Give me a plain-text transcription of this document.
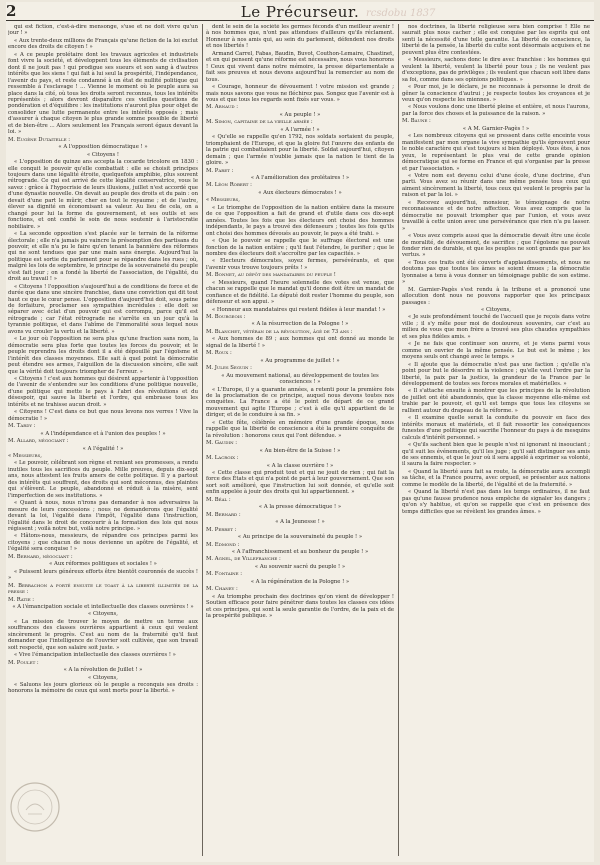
2	Le Précurseur. rcsdobu 1837
qui est fiction, c'est-à-dire mensonge, s'use et ne doit vivre qu'un jour ! »
« Aux trente-deux millions de Français qu'une fiction de la loi exclut encore des droits de citoyen ! »
« A ce peuple prolétaire dont les travaux agricoles et industriels font vivre la société, et développent tous les éléments de civilisation dont il ne jouit pas ! qui prodigue ses sueurs et son sang à d'autres intérêts que les siens ! qui fait à lui seul la prospérité, l'indépendance, l'avenir du pays, et reste condamné à un état de nullité politique qui ressemble à l'esclavage ! ... Vienne le moment où le peuple aura sa place dans la cité, où tous les droits seront reconnus, tous les intérêts représentés ; alors devront disparaître ces vieilles questions de pondération et d'équilibre : les institutions n'auront plus pour objet de consolider une lutte permanente entre les intérêts opposés ; mais d'assurer à chaque citoyen le plus grande somme possible de liberté et de bien-être ... Alors seulement les Français seront égaux devant la loi. »
M. Eugène Dutaitelle :
« A l'opposition démocratique ! »
« Citoyens !
« L'opposition de quinze ans accepta la cocarde tricolore en 1830 : elle conquit le pouvoir qu'elle combattait : elle se choisit principes toujours dans une légalité étroite, quelquefois amphibie, plus souvent rétrograde. Ce qui est arrivé de cette légalité conservatrice, vous le savez : grâce à l'hypocrisie de leurs illusions, juillet n'est accordé que d'une dynastie nouvelle. On devait au peuple des droits et du pain : on devait d'une part le mûrir, cher en tout le royaume ; et de l'autre, élever sa dignité en économisant sa valeur. Au lieu de cela, on a changé pour lui la forme du gouvernement, et ses outils et ses fonctions, et ont confié le soin de nous soutenir à l'aristocratie nobiliaire. »
« La seconde opposition s'est placée sur le terrain de la réforme électorale ; elle n'a jamais pu vaincre la présomption des partisans du pouvoir, et elle n'a pu le faire qu'en tenant la bannière des réformes qui ne sont tendues que par une main sans énergie. Aujourd'hui la politique est sortie du parlement pour se répandre dans les rues ; où, malgré les lois de septembre, le principe de la souveraineté du peuple s'est fait jour ; on a fondé la liberté de l'association, de l'égalité, du droit au travail ! »
« Citoyens ! l'opposition s'aujourd'hui a de conditions de force et de durée que dans une sincère franchise, dans une conviction qui dit tout haut ce que le cœur pense. L'opposition d'aujourd'hui doit, sous peine de forfaiture, proclamer ses sympathies incrédules : elle doit se séparer avec éclat d'un pouvoir qui est corrompu, parce qu'il est rétrograde ; car l'état rétrograde ne s'arrête en un jour qu'à la tyrannie politique, et dans l'abîme de l'immoralité sous lequel nous avons vu crouler la vertu et la liberté. »
« Le jour où l'opposition ne sera plus qu'une fraction sans nom, la démocratie sera plus forte que toutes les forces du pouvoir, et le peuple reprendra les droits dont il a été dépouillé par l'égoïsme et l'intérêt des classes moyennes. Elle sait à quel point la démocratie peut étendre ses armes, l'aiguillon de la discussion sincère, elle sait que la vérité doit toujours triompher de l'erreur. »
« Citoyens ! c'est aux hommes qui désirent appartenir à l'opposition de l'avenir de s'entendre sur les conditions d'une politique nouvelle, d'une politique qui mette le pays à l'abri des révolutions et du désespoir, qui sauve la liberté et l'ordre, qui embrasse tous les intérêts et ne trahisse aucun droit. »
« Citoyens ! C'est dans ce but que nous levons nos verres ! Vive la démocratie ! »
M. Tardy :
« A l'indépendance et à l'union des peuples ! »
M. Allard, négociant :
« A l'égalité ! »
« Messieurs,
« Le pouvoir, célébrant son règne et reniant ses promesses, a rendu inutiles tous les sacrifices du peuple. Mille preuves, depuis dix-sept ans, nous attestent les fruits amers de cette politique. Il y a partout des intérêts qui souffrent, des droits qui sont méconnus, des plaintes qui s'élèvent. Le peuple, abandonné et réduit à la misère, sent l'imperfection de ses institutions. »
« Quant à nous, nous n'irons pas demander à nos adversaires la mesure de leurs concessions ; nous ne demanderons que l'égalité devant la loi, l'égalité dans l'impôt, l'égalité dans l'instruction, l'égalité dans le droit de concourir à la formation des lois qui nous régissent ; voilà notre but, voilà notre principe. »
« Hâtons-nous, messieurs, de répandre ces principes parmi les citoyens ; que chacun de nous devienne un apôtre de l'égalité, et l'égalité sera conquise ! »
M. Bernard, négociant :
« Aux réformes politiques et sociales ! »
« Puissent leurs généreux efforts être bientôt couronnés de succès ! »
M. Berrachon a porté ensuite le toast à la liberté illimitée de la presse :
M. Ratie :
« A l'émancipation sociale et intellectuelle des classes ouvrières ! »
« Citoyens,
« La mission de trouver le moyen de mettre un terme aux souffrances des classes ouvrières appartient à ceux qui veulent sincèrement le progrès. C'est au nom de la fraternité qu'il faut demander que l'intelligence de l'ouvrier soit cultivée, que son travail soit respecté, que son salaire soit juste. »
« Vive l'émancipation intellectuelle des classes ouvrières ! »
M. Poulet :
« A la révolution de Juillet ! »
« Citoyens,
« Saluons les jours glorieux où le peuple a reconquis ses droits : honorons la mémoire de ceux qui sont morts pour la liberté. »
dent le sein de la société les germes féconds d'un meilleur avenir ! à nos hommes que, n'ont pas attendues d'ailleurs qu'ils réclament. Honneur à nos amis qui, au sein du parlement, défendent nos droits et nos libertés !
Armand Carrel, Fabas, Baudin, Buvot, Couthon-Lemaire, Chastinet, et en qui pensent qu'une réforme est nécessaire, nous vous honorons ! Ceux qui vivent dans notre mémoire, la presse départementale a fait ses preuves et nous devons aujourd'hui la remercier au nom de tous.
« Courage, honneur de dévouement ! votre mission est grande ; mais nous savons que vous ne fléchirez pas. Songez que l'avenir est à vous et que tous les regards sont fixés sur vous. »
M. Arnaud :
« Au peuple ! »
M. Simon, capitaine de la vieille armée :
« A l'armée ! »
« Qu'elle se rappelle qu'en 1792, nos soldats sortaient du peuple, triomphaient de l'Europe, et que la gloire fut l'œuvre des enfants de la patrie qui combattaient pour la liberté. Soldat aujourd'hui, citoyen demain ; que l'armée n'oublie jamais que la nation le tient de la gloire. »
M. Paret :
« A l'amélioration des prolétaires ! »
M. Léon Robert :
« Aux électeurs démocrates ! »
« Messieurs,
« Le triomphe de l'opposition de la nation entière dans la mesure de ce que l'opposition a fait de grand et d'utile dans ces dix-sept années. Toutes les fois que les électeurs ont choisi des hommes indépendants, le pays a trouvé des défenseurs ; toutes les fois qu'ils ont choisi des hommes dévoués au pouvoir, le pays a été trahi. »
« Que le pouvoir se rappelle que le suffrage électoral est une fonction de la nation entière ; qu'il faut l'étendre, le purifier ; que le nombre des électeurs doit s'accroître par les capacités. »
« Electeurs démocrates, soyez fermes, persévérants, et que l'avenir vous trouve toujours prêts ! »
M. Bonnet, au dépôt des mandataires du peuple !
« Messieurs, quand l'heure solennelle des votes est venue, que chacun se rappelle que le mandat qu'il donne doit être un mandat de confiance et de fidélité. Le député doit rester l'homme du peuple, son défenseur et son appui. »
« Honneur aux mandataires qui restent fidèles à leur mandat ! »
M. Bourgeois :
« A la résurrection de la Pologne ! »
M. Blanchet, vétéran de la révolution, âgé de 73 ans :
« Aux hommes de 89 ; aux hommes qui ont donné au monde le signal de la liberté ! »
M. Roux :
« Au programme de juillet ! »
M. Jules Seguin :
« Au mouvement national, au développement de toutes les consciences ! »
« L'Europe, il y a quarante années, a retenti pour la première fois de la proclamation de ce principe, auquel nous devons toutes nos conquêtes. La France a été le point de départ de ce grand mouvement qui agite l'Europe ; c'est à elle qu'il appartient de le diriger, et de le conduire à sa fin. »
« Cette fête, célébrée en mémoire d'une grande époque, nous rappelle que la liberté de conscience a été la première conquête de la révolution : honorons ceux qui l'ont défendue. »
M. Gaudin :
« Au bien-être de la Suisse ! »
M. Lacroix :
« A la classe ouvrière ! »
« Cette classe qui produit tout et qui ne jouit de rien ; qui fait la force des États et qui n'a point de part à leur gouvernement. Que son sort soit amélioré, que l'instruction lui soit donnée, et qu'elle soit enfin appelée à jouir des droits qui lui appartiennent. »
M. Béal :
« A la presse démocratique ! »
M. Bernard :
« A la Jeunesse ! »
M. Perret :
« Au principe de la souveraineté du peuple ! »
M. Edmond :
« A l'affranchissement et au bonheur du peuple ! »
M. Agnel, de Villefranche :
« Au souvenir sacré du peuple ! »
M. Fontaine :
« A la régénération de la Pologne ! »
M. Chaney :
« Au triomphe prochain des doctrines qu'on vient de développer ! Soutien efficace pour faire pénétrer dans toutes les classes ces idées et ces principes, qui sont la seule garantie de l'ordre, de la paix et de la prospérité publique. »
nos doctrines, la liberté religieuse sera bien comprise ! Elle ne saurait plus nous cacher ; elle est conquise par les esprits qui ont senti la nécessité d'une telle garantie. La liberté de conscience, la liberté de la pensée, la liberté du culte sont désormais acquises et ne peuvent plus être contestées.
« Messieurs, sachons donc le dire avec franchise : les hommes qui veulent la liberté, veulent la liberté pour tous ; ils ne veulent pas d'exceptions, pas de privilèges ; ils veulent que chacun soit libre dans sa foi, comme dans ses opinions politiques. »
« Pour moi, je le déclare, je ne reconnais à personne le droit de gêner la conscience d'autrui ; je respecte toutes les croyances et je veux qu'on respecte les miennes. »
« Nous voulons donc une liberté pleine et entière, et nous l'aurons, par la force des choses et la puissance de la raison. »
M. Baune :
« A M. Garnier-Pagès ! »
« Les nombreux citoyens qui se pressent dans cette enceinte vous manifestent par mon organe la vive sympathie qu'ils éprouvent pour le noble caractère qui s'est toujours si bien déployé. Vous êtes, à nos yeux, le représentant le plus vrai de cette grande opinion démocratique qui se forme en France et qui s'organise par la presse et par l'association. »
« Votre nom est devenu celui d'une école, d'une doctrine, d'un parti. Vous avez su réunir dans une même pensée tous ceux qui aiment sincèrement la liberté, tous ceux qui veulent le progrès par la raison et par la loi. »
« Recevez aujourd'hui, monsieur, le témoignage de notre reconnaissance et de notre affection. Vous avez compris que la démocratie ne pouvait triompher que par l'union, et vous avez travaillé à cette union avec une persévérance que rien n'a pu lasser. »
« Vous avez compris aussi que la démocratie devait être une école de moralité, de dévouement, de sacrifice ; que l'égoïsme ne pouvait fonder rien de durable, et que les peuples ne sont grands que par les vertus. »
« Tous ces traits ont été couverts d'applaudissements, et nous ne doutons pas que toutes les âmes se soient émues ; la démocratie lyonnaise a tenu à vous donner un témoignage public de son estime. »
M. Garnier-Pagès s'est rendu à la tribune et a prononcé une allocution dont nous ne pouvons rapporter que les principaux passages :
« Citoyens,
« Je suis profondément touché de l'accueil que je reçois dans votre ville ; il s'y mêle pour moi de douloureux souvenirs, car c'est au milieu de vous que mon frère a trouvé ses plus chaudes sympathies et ses plus fidèles amis. »
« Je ne fais que continuer son œuvre, et je viens parmi vous comme un ouvrier de la même pensée. Le but est le même ; les moyens seuls ont changé avec le temps. »
« Il ajoute que la démocratie n'est pas une faction ; qu'elle n'a point pour but le désordre ni la violence ; qu'elle veut l'ordre par la liberté, la paix par la justice, la grandeur de la France par le développement de toutes ses forces morales et matérielles. »
« Il s'attache ensuite à montrer que les principes de la révolution de juillet ont été abandonnés, que la classe moyenne elle-même est trahie par le pouvoir, et qu'il est temps que tous les citoyens se rallient autour du drapeau de la réforme. »
« Il examine quelle serait la conduite du pouvoir en face des intérêts moraux et matériels, et il fait ressortir les conséquences funestes d'une politique qui sacrifie l'honneur du pays à de mesquins calculs d'intérêt personnel. »
« Qu'ils sachent bien que le peuple n'est ni ignorant ni insouciant ; qu'il suit les événements, qu'il les juge ; qu'il sait distinguer ses amis de ses ennemis, et que le jour où il sera appelé à exprimer sa volonté, il saura la faire respecter. »
« Quand la liberté aura fait sa route, la démocratie aura accompli sa tâche, et la France pourra, avec orgueil, se présenter aux nations comme le modèle de la liberté, de l'égalité et de la fraternité. »
« Quand la liberté n'est pas dans les temps ordinaires, il ne faut pas qu'une fausse prudence nous empêche de signaler les dangers ; qu'on s'y habitue, et qu'on se rappelle que c'est en présence des temps difficiles que se révèlent les grandes âmes. »
